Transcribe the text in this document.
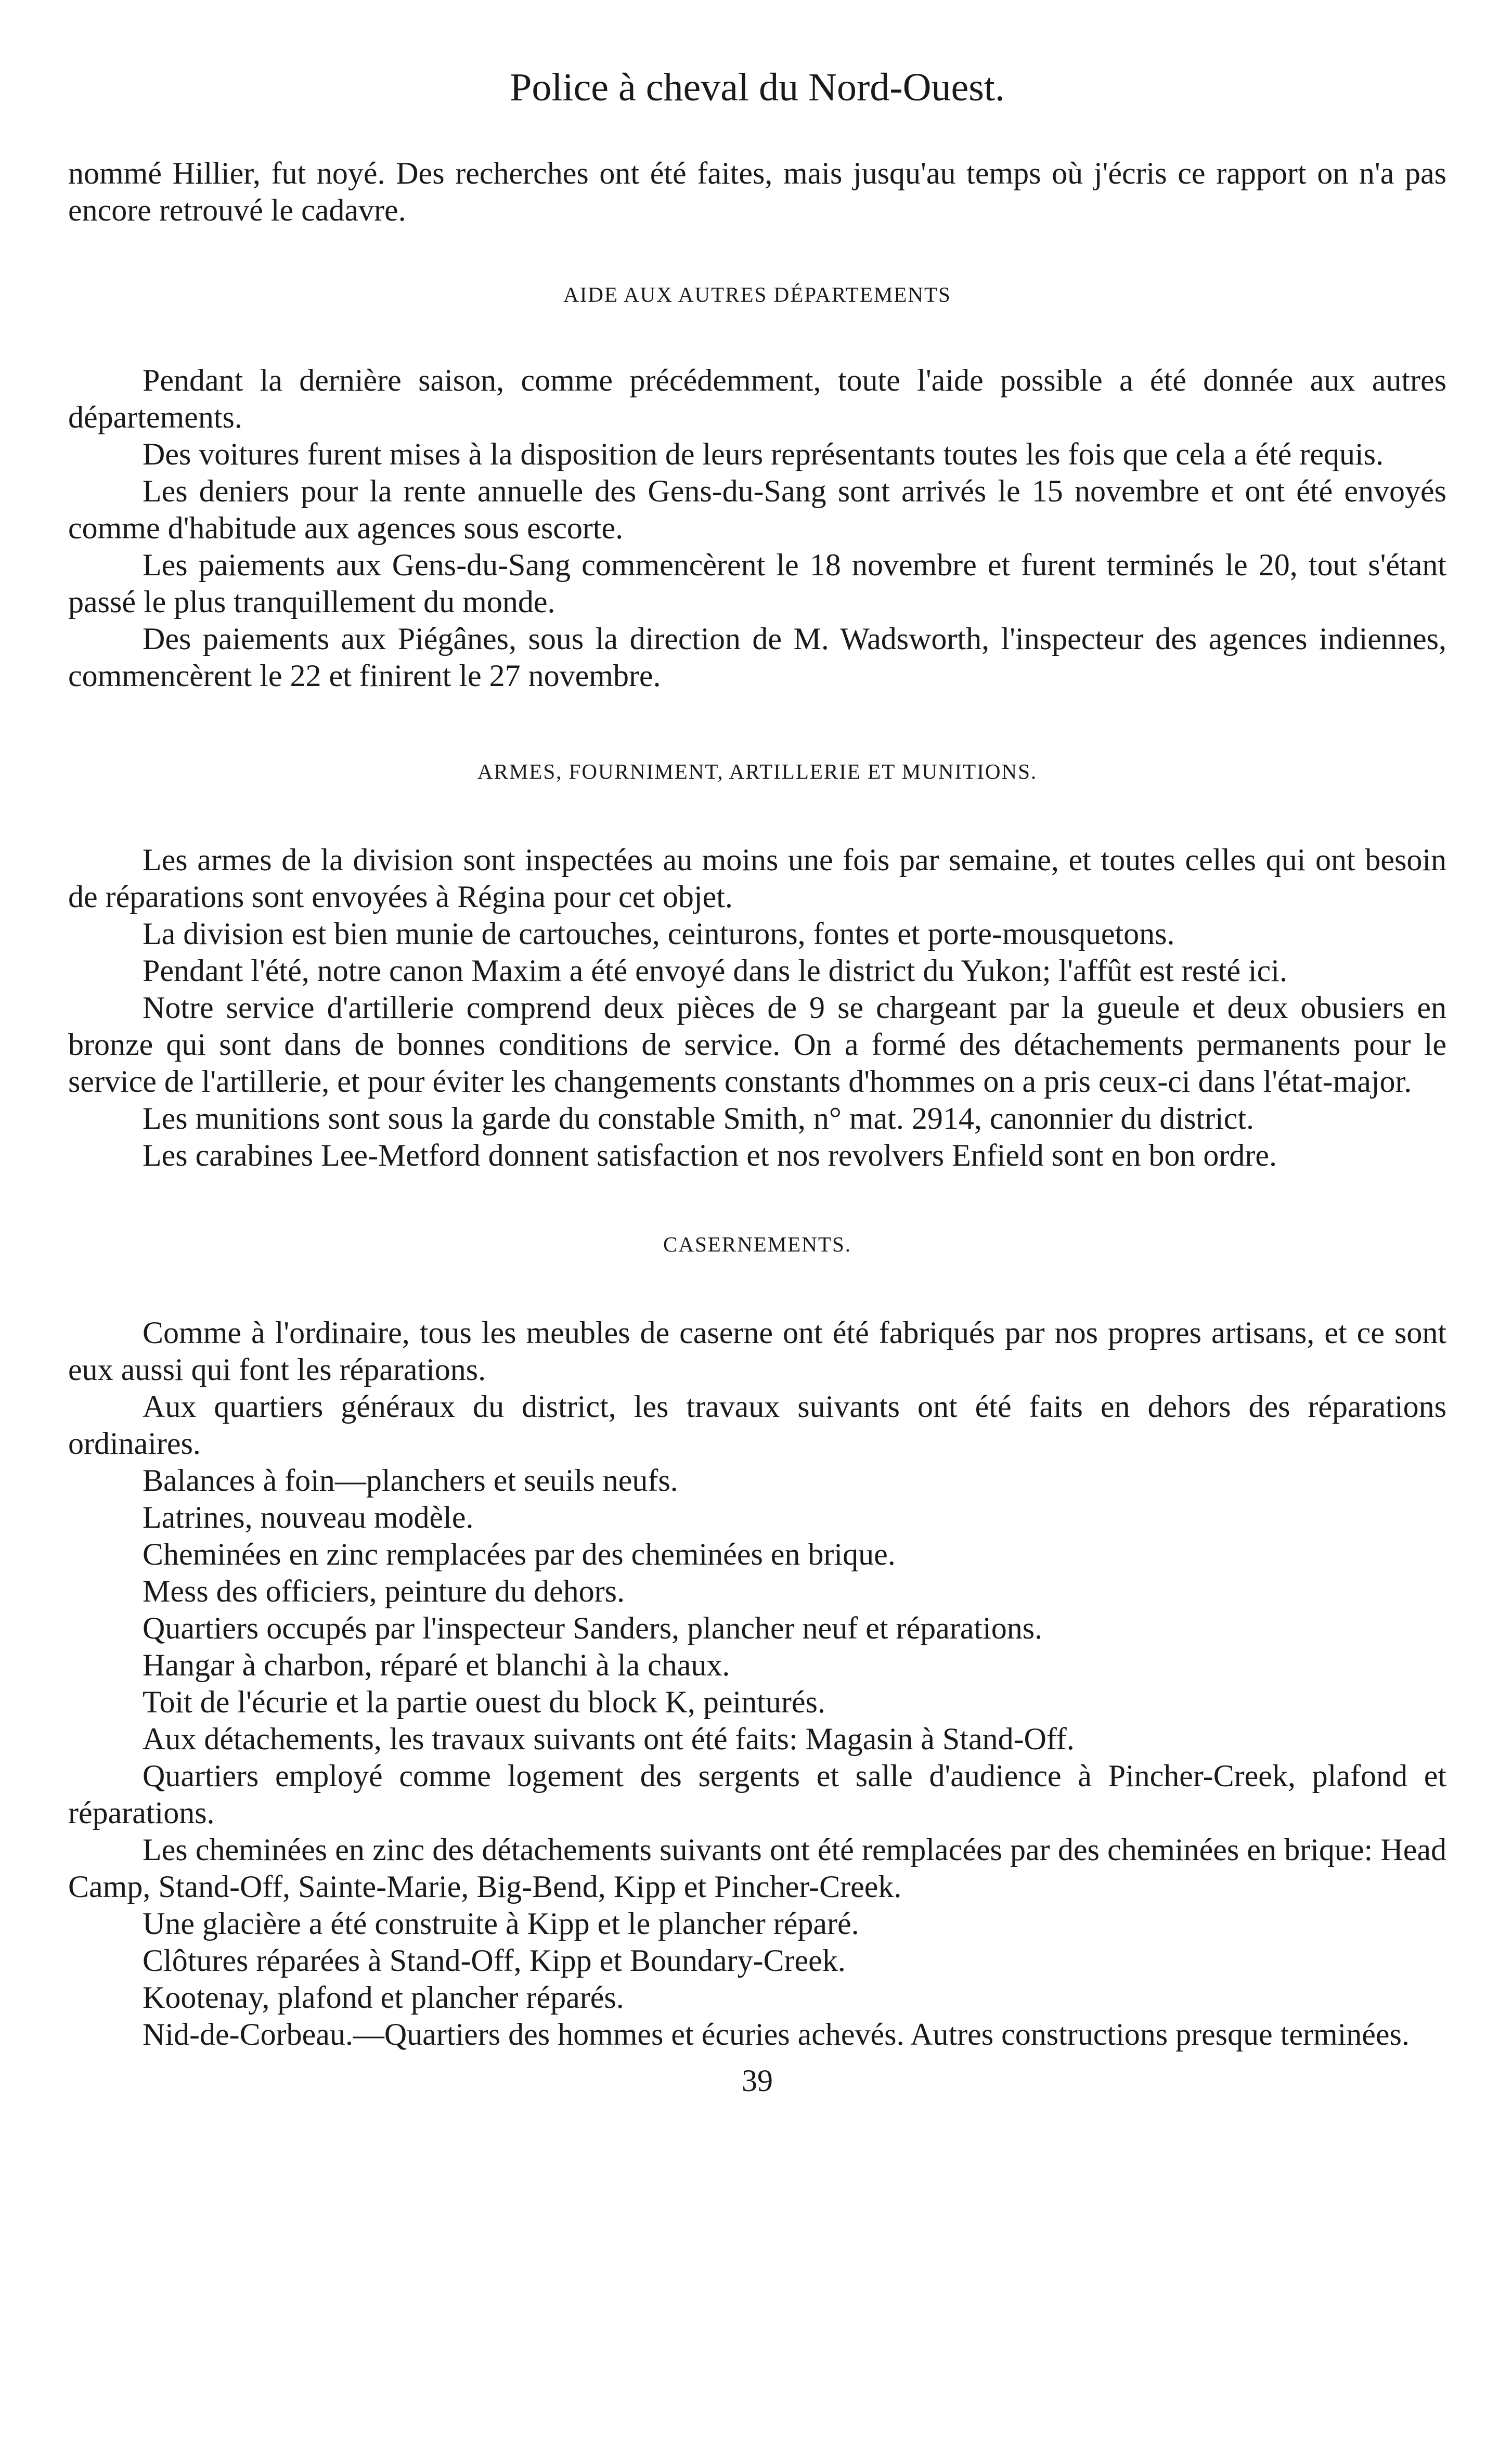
Police à cheval du Nord-Ouest.

nommé Hillier, fut noyé. Des recherches ont été faites, mais jusqu'au temps où j'écris ce rapport on n'a pas encore retrouvé le cadavre.

AIDE AUX AUTRES DÉPARTEMENTS

Pendant la dernière saison, comme précédemment, toute l'aide possible a été donnée aux autres départements.

Des voitures furent mises à la disposition de leurs représentants toutes les fois que cela a été requis.

Les deniers pour la rente annuelle des Gens-du-Sang sont arrivés le 15 novembre et ont été envoyés comme d'habitude aux agences sous escorte.

Les paiements aux Gens-du-Sang commencèrent le 18 novembre et furent terminés le 20, tout s'étant passé le plus tranquillement du monde.

Des paiements aux Piégânes, sous la direction de M. Wadsworth, l'inspecteur des agences indiennes, commencèrent le 22 et finirent le 27 novembre.

ARMES, FOURNIMENT, ARTILLERIE ET MUNITIONS.

Les armes de la division sont inspectées au moins une fois par semaine, et toutes celles qui ont besoin de réparations sont envoyées à Régina pour cet objet.

La division est bien munie de cartouches, ceinturons, fontes et porte-mousquetons.

Pendant l'été, notre canon Maxim a été envoyé dans le district du Yukon; l'affût est resté ici.

Notre service d'artillerie comprend deux pièces de 9 se chargeant par la gueule et deux obusiers en bronze qui sont dans de bonnes conditions de service. On a formé des détachements permanents pour le service de l'artillerie, et pour éviter les changements constants d'hommes on a pris ceux-ci dans l'état-major.

Les munitions sont sous la garde du constable Smith, n° mat. 2914, canonnier du district.

Les carabines Lee-Metford donnent satisfaction et nos revolvers Enfield sont en bon ordre.

CASERNEMENTS.

Comme à l'ordinaire, tous les meubles de caserne ont été fabriqués par nos propres artisans, et ce sont eux aussi qui font les réparations.

Aux quartiers généraux du district, les travaux suivants ont été faits en dehors des réparations ordinaires.

Balances à foin—planchers et seuils neufs.

Latrines, nouveau modèle.

Cheminées en zinc remplacées par des cheminées en brique.

Mess des officiers, peinture du dehors.

Quartiers occupés par l'inspecteur Sanders, plancher neuf et réparations.

Hangar à charbon, réparé et blanchi à la chaux.

Toit de l'écurie et la partie ouest du block K, peinturés.

Aux détachements, les travaux suivants ont été faits: Magasin à Stand-Off.

Quartiers employé comme logement des sergents et salle d'audience à Pincher-Creek, plafond et réparations.

Les cheminées en zinc des détachements suivants ont été remplacées par des cheminées en brique: Head Camp, Stand-Off, Sainte-Marie, Big-Bend, Kipp et Pincher-Creek.

Une glacière a été construite à Kipp et le plancher réparé.

Clôtures réparées à Stand-Off, Kipp et Boundary-Creek.

Kootenay, plafond et plancher réparés.

Nid-de-Corbeau.—Quartiers des hommes et écuries achevés. Autres constructions presque terminées.

39
